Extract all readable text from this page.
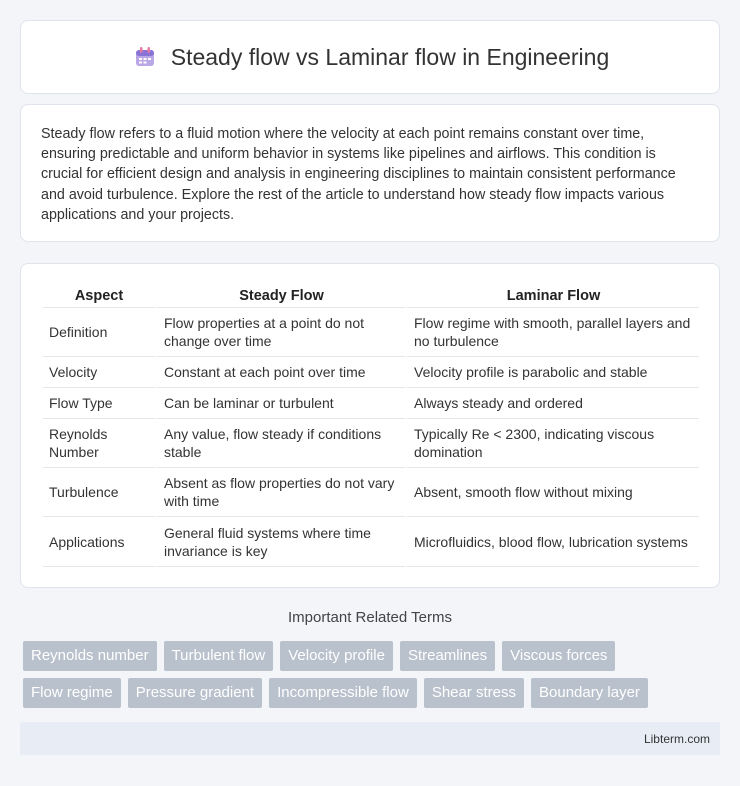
Steady flow vs Laminar flow in Engineering

Steady flow refers to a fluid motion where the velocity at each point remains constant over time, ensuring predictable and uniform behavior in systems like pipelines and airflows. This condition is crucial for efficient design and analysis in engineering disciplines to maintain consistent performance and avoid turbulence. Explore the rest of the article to understand how steady flow impacts various applications and your projects.

Aspect	Steady Flow	Laminar Flow
Definition	Flow properties at a point do not change over time	Flow regime with smooth, parallel layers and no turbulence
Velocity	Constant at each point over time	Velocity profile is parabolic and stable
Flow Type	Can be laminar or turbulent	Always steady and ordered
Reynolds Number	Any value, flow steady if conditions stable	Typically Re < 2300, indicating viscous domination
Turbulence	Absent as flow properties do not vary with time	Absent, smooth flow without mixing
Applications	General fluid systems where time invariance is key	Microfluidics, blood flow, lubrication systems
Important Related Terms
Reynolds number	Turbulent flow	Velocity profile	Streamlines	Viscous forces
Flow regime	Pressure gradient	Incompressible flow	Shear stress	Boundary layer
Libterm.com
